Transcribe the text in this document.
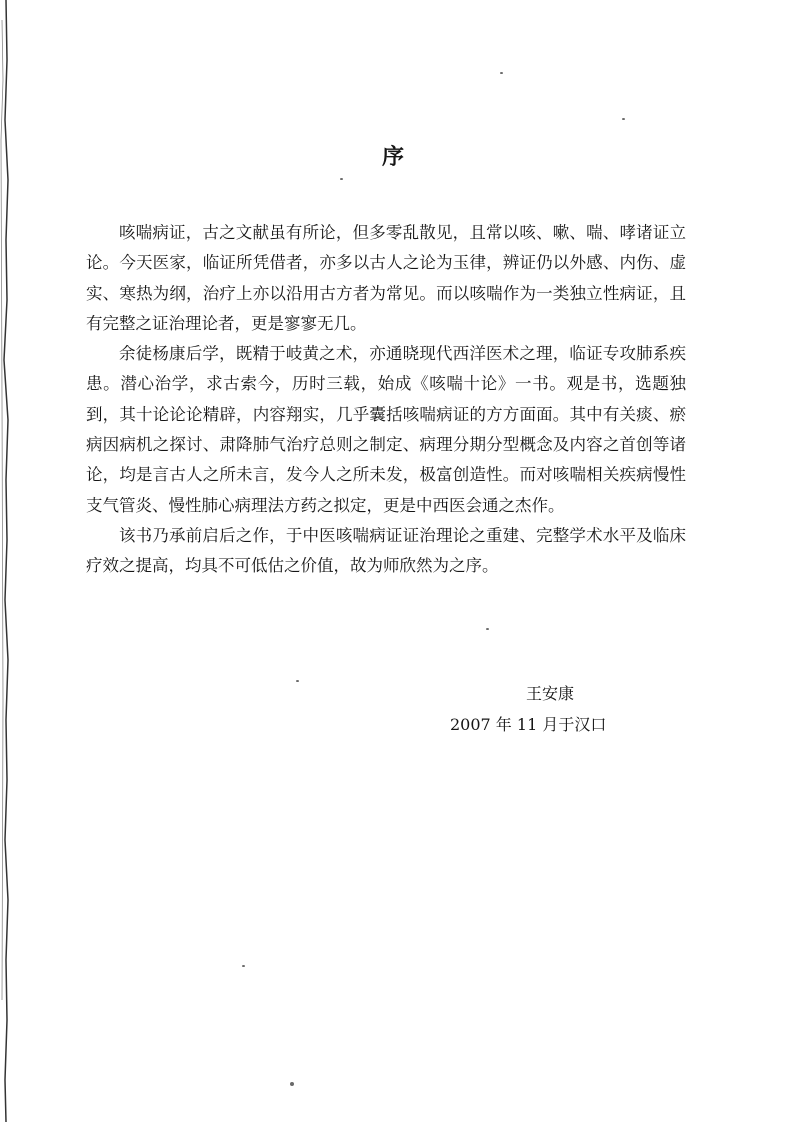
序

咳喘病证，古之文献虽有所论，但多零乱散见，且常以咳、嗽、喘、哮诸证立论。今天医家，临证所凭借者，亦多以古人之论为玉律，辨证仍以外感、内伤、虚实、寒热为纲，治疗上亦以沿用古方者为常见。而以咳喘作为一类独立性病证，且有完整之证治理论者，更是寥寥无几。

余徒杨康后学，既精于岐黄之术，亦通晓现代西洋医术之理，临证专攻肺系疾患。潜心治学，求古索今，历时三载，始成《咳喘十论》一书。观是书，选题独到，其十论论论精辟，内容翔实，几乎囊括咳喘病证的方方面面。其中有关痰、瘀病因病机之探讨、肃降肺气治疗总则之制定、病理分期分型概念及内容之首创等诸论，均是言古人之所未言，发今人之所未发，极富创造性。而对咳喘相关疾病慢性支气管炎、慢性肺心病理法方药之拟定，更是中西医会通之杰作。

该书乃承前启后之作，于中医咳喘病证证治理论之重建、完整学术水平及临床疗效之提高，均具不可低估之价值，故为师欣然为之序。

王安康
2007 年 11 月于汉口
